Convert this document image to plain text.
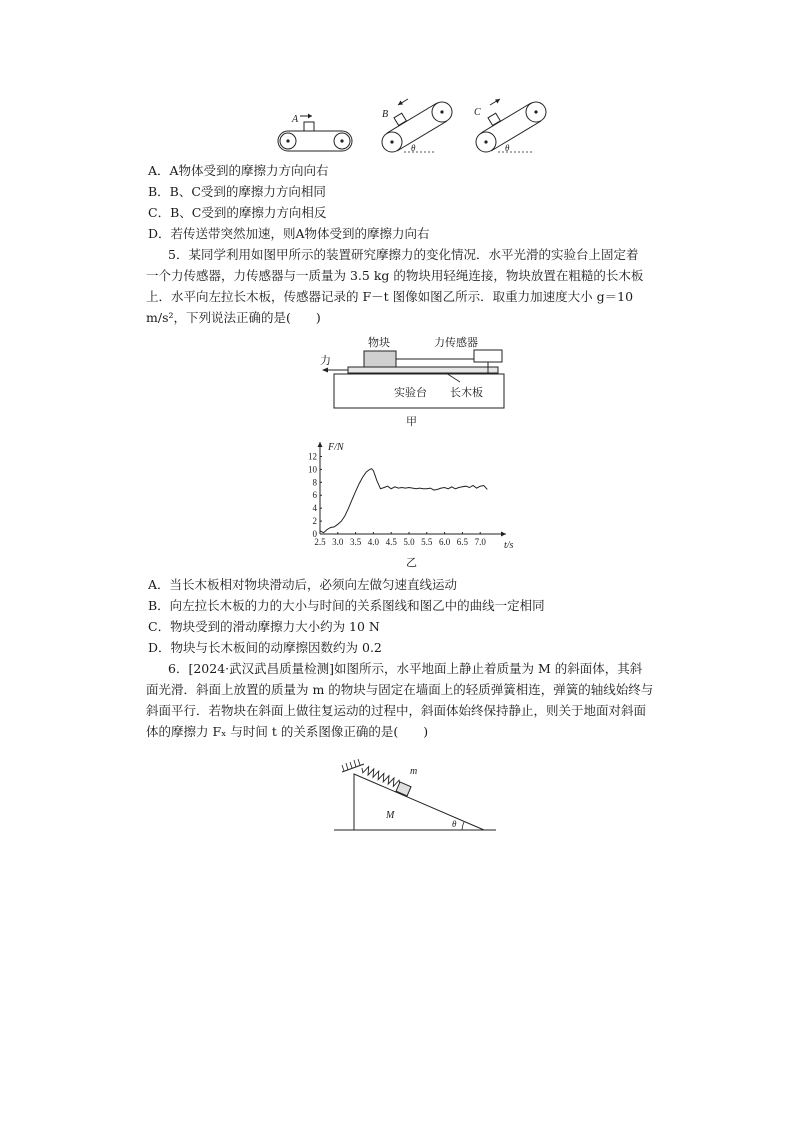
A	B
θ
C
θ
A．A物体受到的摩擦力方向向右
B．B、C受到的摩擦力方向相同
C．B、C受到的摩擦力方向相反
D．若传送带突然加速，则A物体受到的摩擦力向右
5．某同学利用如图甲所示的装置研究摩擦力的变化情况．水平光滑的实验台上固定着
一个力传感器，力传感器与一质量为 3.5 kg 的物块用轻绳连接，物块放置在粗糙的长木板
上．水平向左拉长木板，传感器记录的 F－t 图像如图乙所示．取重力加速度大小 g＝10
m/s²，下列说法正确的是(　　)
物块	力传感器
力
实验台 长木板
甲
2.5 3.0 3.5 4.0 4.5 5.0 5.5 6.0 6.5 7.0
0
2
4
6
8
10
12
F/N
t/s
乙
A．当长木板相对物块滑动后，必须向左做匀速直线运动
B．向左拉长木板的力的大小与时间的关系图线和图乙中的曲线一定相同
C．物块受到的滑动摩擦力大小约为 10 N
D．物块与长木板间的动摩擦因数约为 0.2
6．[2024·武汉武昌质量检测]如图所示，水平地面上静止着质量为 M 的斜面体，其斜
面光滑．斜面上放置的质量为 m 的物块与固定在墙面上的轻质弹簧相连，弹簧的轴线始终与
斜面平行．若物块在斜面上做往复运动的过程中，斜面体始终保持静止，则关于地面对斜面
体的摩擦力 Fₓ 与时间 t 的关系图像正确的是(　　)
m
M
θ
